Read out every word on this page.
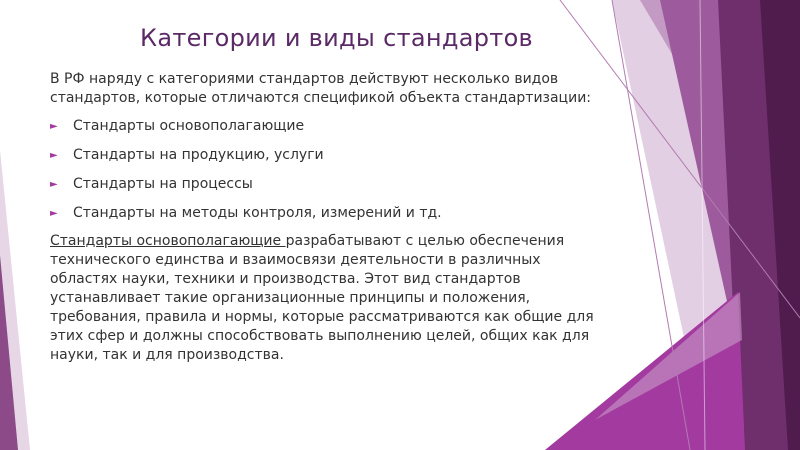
Категории и виды стандартов

В РФ наряду с категориями стандартов действуют несколько видов стандартов, которые отличаются спецификой объекта стандартизации:

►	Стандарты основополагающие
►	Стандарты на продукцию, услуги
►	Стандарты на процессы
►	Стандарты на методы контроля, измерений и тд.

Стандарты основополагающие разрабатывают с целью обеспечения технического единства и взаимосвязи деятельности в различных областях науки, техники и производства. Этот вид стандартов устанавливает такие организационные принципы и положения, требования, правила и нормы, которые рассматриваются как общие для этих сфер и должны способствовать выполнению целей, общих как для науки, так и для производства.
